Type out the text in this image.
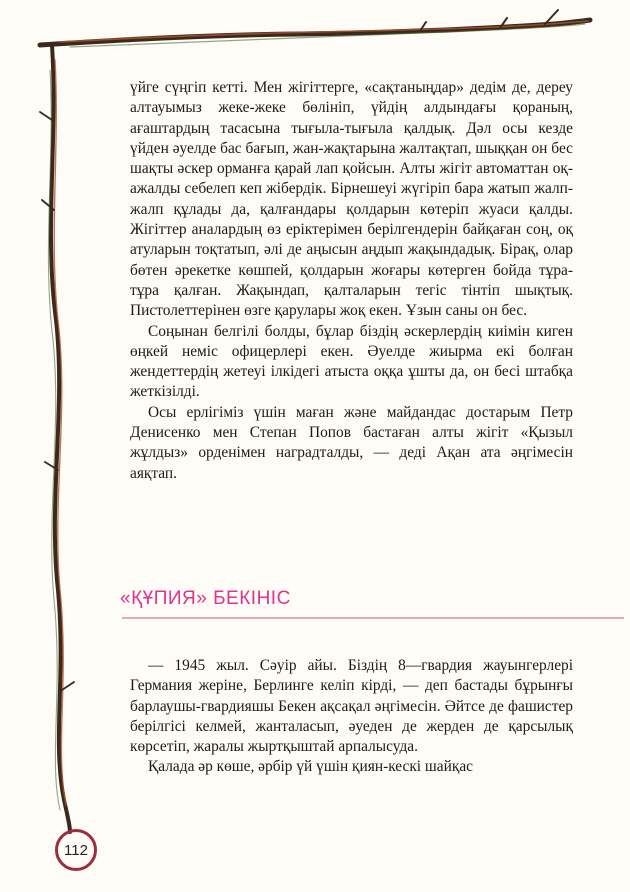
үйге сүңгіп кетті. Мен жігіттерге, «сақтаныңдар» дедім де, дереу алтауымыз жеке-жеке бөлініп, үйдің алдындағы қораның, ағаштардың тасасына тығыла-тығыла қалдық. Дәл осы кезде үйден әуелде бас бағып, жан-жақтарына жалтақтап, шыққан он бес шақты әскер орманға қарай лап қойсын. Алты жігіт автоматтан оқ-ажалды себелеп кеп жібердік. Бірнешеуі жүгіріп бара жатып жалп-жалп құлады да, қалғандары қолдарын көтеріп жуаси қалды. Жігіттер аналардың өз еріктерімен берілгендерін байқаған соң, оқ атуларын тоқтатып, әлі де аңысын аңдып жақындадық. Бірақ, олар бөтен әрекетке көшпей, қолдарын жоғары көтерген бойда тұра-тұра қалған. Жақындап, қалталарын тегіс тінтіп шықтық. Пистолеттерінен өзге қарулары жоқ екен. Ұзын саны он бес.

Соңынан белгілі болды, бұлар біздің әскерлердің киімін киген өңкей неміс офицерлері екен. Әуелде жиырма екі болған жендеттердің жетеуі ілкідегі атыста оққа ұшты да, он бесі штабқа жеткізілді.

Осы ерлігіміз үшін маған және майдандас достарым Петр Денисенко мен Степан Попов бастаған алты жігіт «Қызыл жұлдыз» орденімен наградталды, — деді Ақан ата әңгімесін аяқтап.

«ҚҰПИЯ» БЕКІНІС

— 1945 жыл. Сәуір айы. Біздің 8—гвардия жауынгерлері Германия жеріне, Берлинге келіп кірді, — деп бастады бұрынғы барлаушы-гвардияшы Бекен ақсақал әңгімесін. Әйтсе де фашистер берілгісі келмей, жанталасып, әуеден де жерден де қарсылық көрсетіп, жаралы жыртқыштай арпалысуда.

Қалада әр көше, әрбір үй үшін қиян-кескі шайқас

112
